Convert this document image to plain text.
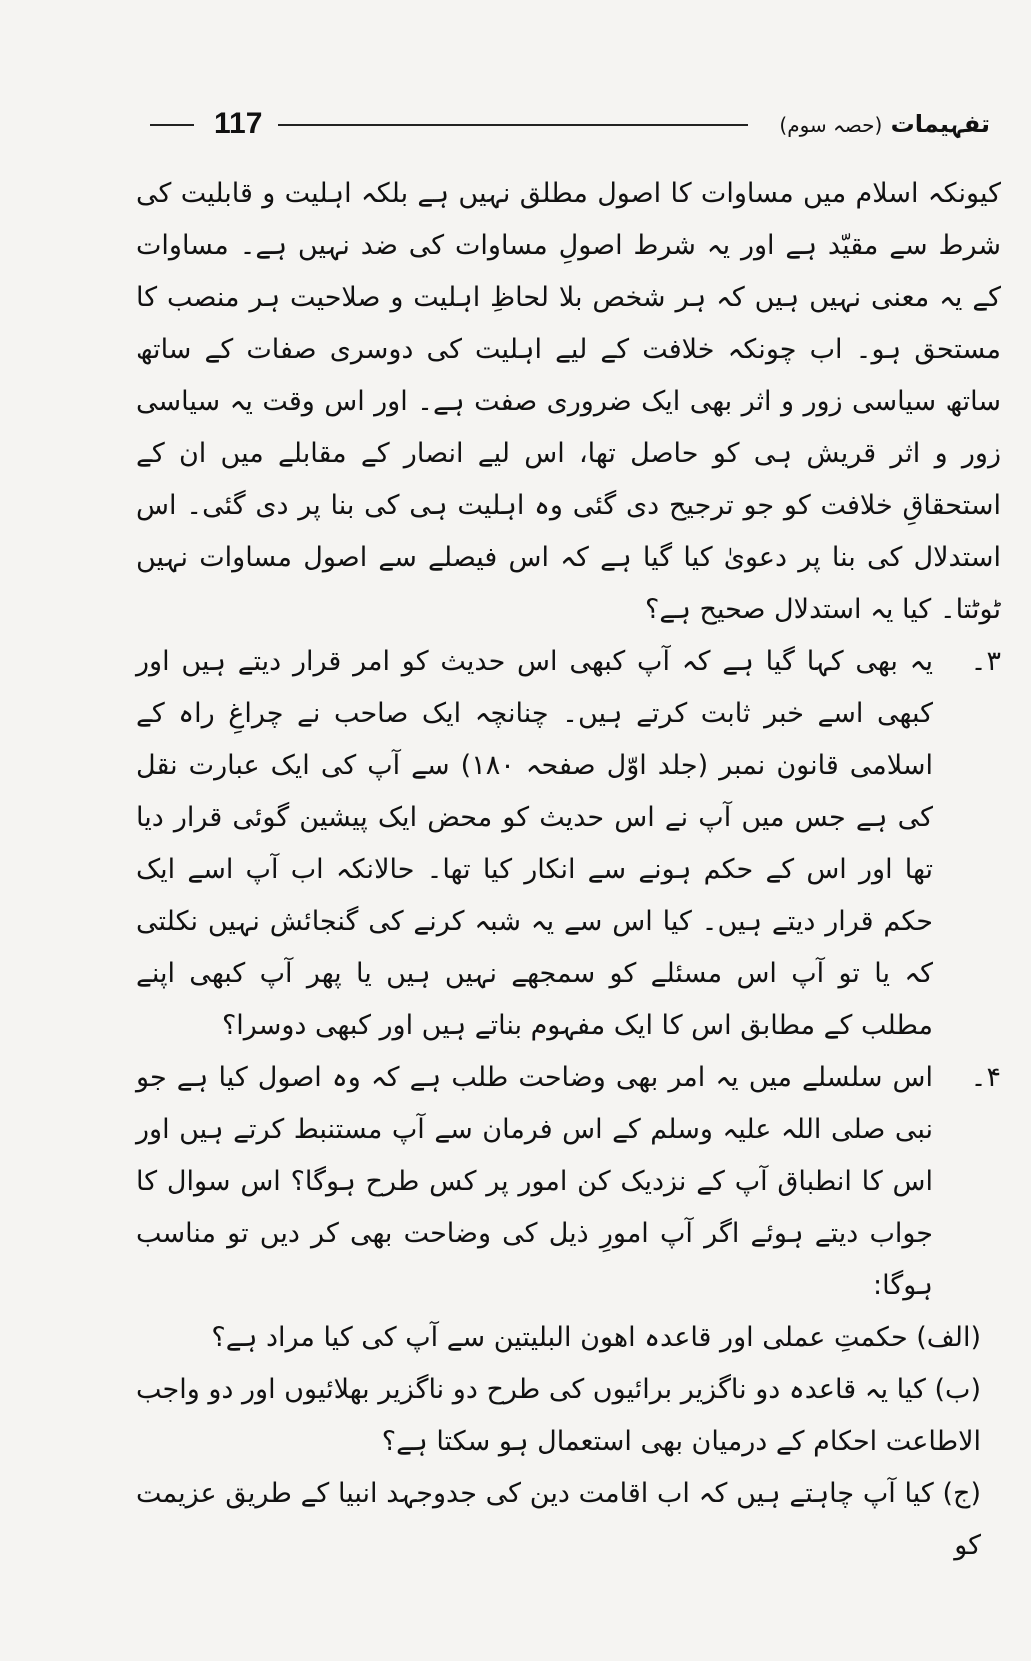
117	تفہیمات (حصہ سوم)

کیونکہ اسلام میں مساوات کا اصول مطلق نہیں ہے بلکہ اہلیت و قابلیت کی شرط سے مقیّد ہے اور یہ شرط اصولِ مساوات کی ضد نہیں ہے۔ مساوات کے یہ معنی نہیں ہیں کہ ہر شخص بلا لحاظِ اہلیت و صلاحیت ہر منصب کا مستحق ہو۔ اب چونکہ خلافت کے لیے اہلیت کی دوسری صفات کے ساتھ ساتھ سیاسی زور و اثر بھی ایک ضروری صفت ہے۔ اور اس وقت یہ سیاسی زور و اثر قریش ہی کو حاصل تھا، اس لیے انصار کے مقابلے میں ان کے استحقاقِ خلافت کو جو ترجیح دی گئی وہ اہلیت ہی کی بنا پر دی گئی۔ اس استدلال کی بنا پر دعویٰ کیا گیا ہے کہ اس فیصلے سے اصول مساوات نہیں ٹوٹتا۔ کیا یہ استدلال صحیح ہے؟

۳۔

یہ بھی کہا گیا ہے کہ آپ کبھی اس حدیث کو امر قرار دیتے ہیں اور کبھی اسے خبر ثابت کرتے ہیں۔ چنانچہ ایک صاحب نے چراغِ راہ کے اسلامی قانون نمبر (جلد اوّل صفحہ ۱۸۰) سے آپ کی ایک عبارت نقل کی ہے جس میں آپ نے اس حدیث کو محض ایک پیشین گوئی قرار دیا تھا اور اس کے حکم ہونے سے انکار کیا تھا۔ حالانکہ اب آپ اسے ایک حکم قرار دیتے ہیں۔ کیا اس سے یہ شبہ کرنے کی گنجائش نہیں نکلتی کہ یا تو آپ اس مسئلے کو سمجھے نہیں ہیں یا پھر آپ کبھی اپنے مطلب کے مطابق اس کا ایک مفہوم بناتے ہیں اور کبھی دوسرا؟

۴۔

اس سلسلے میں یہ امر بھی وضاحت طلب ہے کہ وہ اصول کیا ہے جو نبی صلی اللہ علیہ وسلم کے اس فرمان سے آپ مستنبط کرتے ہیں اور اس کا انطباق آپ کے نزدیک کن امور پر کس طرح ہوگا؟ اس سوال کا جواب دیتے ہوئے اگر آپ امورِ ذیل کی وضاحت بھی کر دیں تو مناسب ہوگا:

(الف) حکمتِ عملی اور قاعدہ اھون البلیتین سے آپ کی کیا مراد ہے؟

(ب) کیا یہ قاعدہ دو ناگزیر برائیوں کی طرح دو ناگزیر بھلائیوں اور دو واجب الاطاعت احکام کے درمیان بھی استعمال ہو سکتا ہے؟

(ج) کیا آپ چاہتے ہیں کہ اب اقامت دین کی جدوجہد انبیا کے طریق عزیمت کو
